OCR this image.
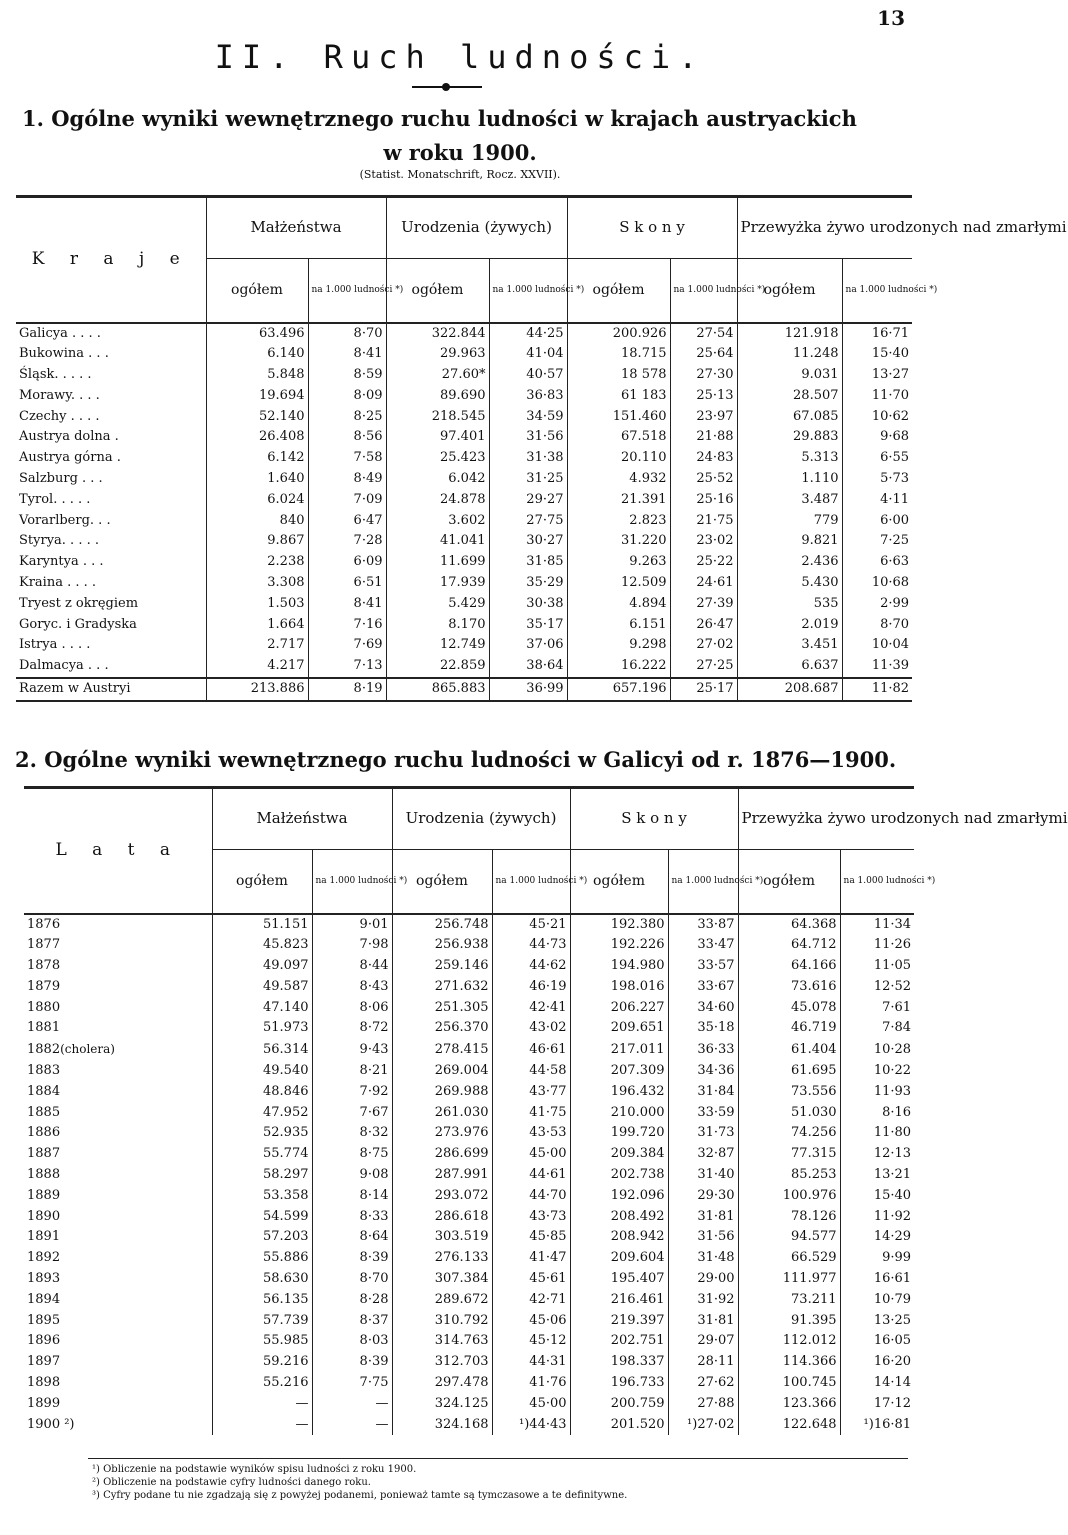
13
II. Ruch ludności.
1. Ogólne wyniki wewnętrznego ruchu ludności w krajach austryackich
w roku 1900.
(Statist. Monatschrift, Rocz. XXVII).
K r a j e	Małżeństwa		Urodzenia (żywych)		S k o n y		Przewyżka żywo urodzonych nad zmarłymi	
	ogółem	na 1.000 ludności *)	ogółem	na 1.000 ludności *)	ogółem	na 1.000 ludności *)	ogółem	na 1.000 ludności *)
Galicya . . . .	63.496	8·70	322.844	44·25	200.926	27·54	121.918	16·71
Bukowina . . .	6.140	8·41	29.963	41·04	18.715	25·64	11.248	15·40
Śląsk. . . . .	5.848	8·59	27.60*	40·57	18 578	27·30	9.031	13·27
Morawy. . . .	19.694	8·09	89.690	36·83	61 183	25·13	28.507	11·70
Czechy . . . .	52.140	8·25	218.545	34·59	151.460	23·97	67.085	10·62
Austrya dolna .	26.408	8·56	97.401	31·56	67.518	21·88	29.883	9·68
Austrya górna .	6.142	7·58	25.423	31·38	20.110	24·83	5.313	6·55
Salzburg . . .	1.640	8·49	6.042	31·25	4.932	25·52	1.110	5·73
Tyrol. . . . .	6.024	7·09	24.878	29·27	21.391	25·16	3.487	4·11
Vorarlberg. . .	840	6·47	3.602	27·75	2.823	21·75	779	6·00
Styrya. . . . .	9.867	7·28	41.041	30·27	31.220	23·02	9.821	7·25
Karyntya . . .	2.238	6·09	11.699	31·85	9.263	25·22	2.436	6·63
Kraina . . . .	3.308	6·51	17.939	35·29	12.509	24·61	5.430	10·68
Tryest z okręgiem	1.503	8·41	5.429	30·38	4.894	27·39	535	2·99
Goryc. i Gradyska	1.664	7·16	8.170	35·17	6.151	26·47	2.019	8·70
Istrya . . . .	2.717	7·69	12.749	37·06	9.298	27·02	3.451	10·04
Dalmacya . . .	4.217	7·13	22.859	38·64	16.222	27·25	6.637	11·39
Razem w Austryi	213.886	8·19	865.883	36·99	657.196	25·17	208.687	11·82
2. Ogólne wyniki wewnętrznego ruchu ludności w Galicyi od r. 1876—1900.
L a t a	Małżeństwa		Urodzenia (żywych)		S k o n y		Przewyżka żywo urodzonych nad zmarłymi	
	ogółem	na 1.000 ludności *)	ogółem	na 1.000 ludności *)	ogółem	na 1.000 ludności *)	ogółem	na 1.000 ludności *)
1876	51.151	9·01	256.748	45·21	192.380	33·87	64.368	11·34
1877	45.823	7·98	256.938	44·73	192.226	33·47	64.712	11·26
1878	49.097	8·44	259.146	44·62	194.980	33·57	64.166	11·05
1879	49.587	8·43	271.632	46·19	198.016	33·67	73.616	12·52
1880	47.140	8·06	251.305	42·41	206.227	34·60	45.078	7·61
1881	51.973	8·72	256.370	43·02	209.651	35·18	46.719	7·84
1882(cholera)	56.314	9·43	278.415	46·61	217.011	36·33	61.404	10·28
1883	49.540	8·21	269.004	44·58	207.309	34·36	61.695	10·22
1884	48.846	7·92	269.988	43·77	196.432	31·84	73.556	11·93
1885	47.952	7·67	261.030	41·75	210.000	33·59	51.030	8·16
1886	52.935	8·32	273.976	43·53	199.720	31·73	74.256	11·80
1887	55.774	8·75	286.699	45·00	209.384	32·87	77.315	12·13
1888	58.297	9·08	287.991	44·61	202.738	31·40	85.253	13·21
1889	53.358	8·14	293.072	44·70	192.096	29·30	100.976	15·40
1890	54.599	8·33	286.618	43·73	208.492	31·81	78.126	11·92
1891	57.203	8·64	303.519	45·85	208.942	31·56	94.577	14·29
1892	55.886	8·39	276.133	41·47	209.604	31·48	66.529	9·99
1893	58.630	8·70	307.384	45·61	195.407	29·00	111.977	16·61
1894	56.135	8·28	289.672	42·71	216.461	31·92	73.211	10·79
1895	57.739	8·37	310.792	45·06	219.397	31·81	91.395	13·25
1896	55.985	8·03	314.763	45·12	202.751	29·07	112.012	16·05
1897	59.216	8·39	312.703	44·31	198.337	28·11	114.366	16·20
1898	55.216	7·75	297.478	41·76	196.733	27·62	100.745	14·14
1899	—	—	324.125	45·00	200.759	27·88	123.366	17·12
1900 ²)	—	—	324.168	¹)44·43	201.520	¹)27·02	122.648	¹)16·81
¹) Obliczenie na podstawie wyników spisu ludności z roku 1900.
²) Obliczenie na podstawie cyfry ludności danego roku.
³) Cyfry podane tu nie zgadzają się z powyżej podanemi, ponieważ tamte są tymczasowe a te definitywne.
